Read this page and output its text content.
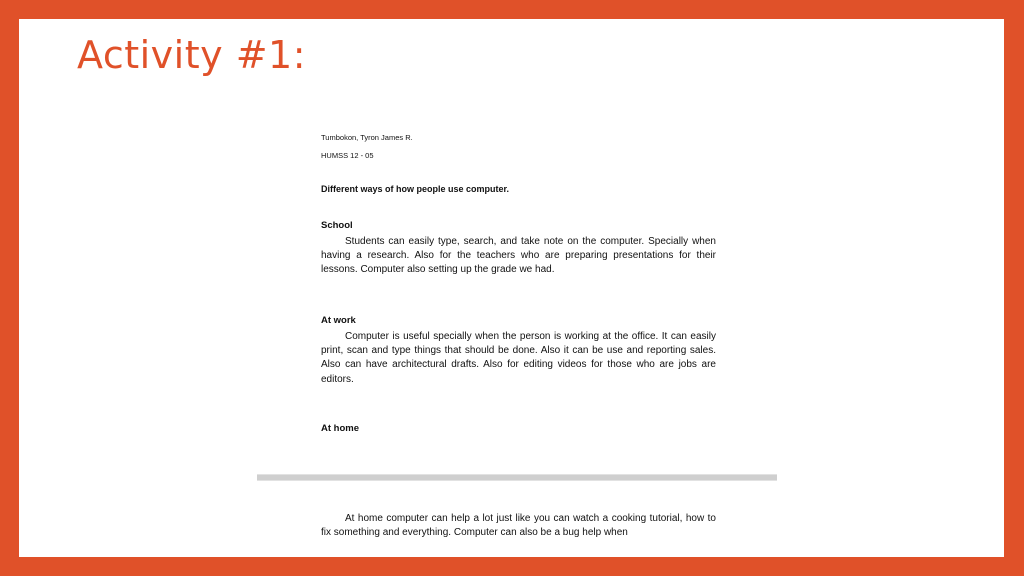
Activity #1:

Tumbokon, Tyron James R.

HUMSS 12 - 05

Different ways of how people use computer.

School

Students can easily type, search, and take note on the computer. Specially when having a research. Also for the teachers who are preparing presentations for their lessons. Computer also setting up the grade we had.

At work

Computer is useful specially when the person is working at the office. It can easily print, scan and type things that should be done. Also it can be use and reporting sales. Also can have architectural drafts. Also for editing videos for those who are jobs are editors.

At home

At home computer can help a lot just like you can watch a cooking tutorial, how to fix something and everything. Computer can also be a bug help when
